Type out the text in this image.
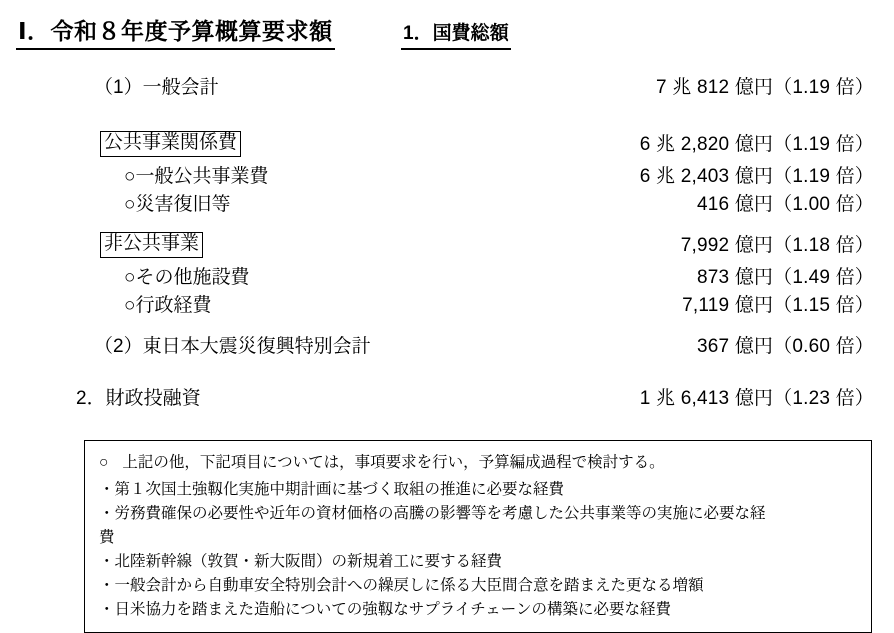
Ⅰ．令和８年度予算概算要求額	1．国費総額
（1）一般会計	7 兆 812 億円（1.19 倍）
公共事業関係費	6 兆 2,820 億円（1.19 倍）
○一般公共事業費	6 兆 2,403 億円（1.19 倍）
○災害復旧等	416 億円（1.00 倍）
非公共事業	7,992 億円（1.18 倍）
○その他施設費	873 億円（1.49 倍）
○行政経費	7,119 億円（1.15 倍）
（2）東日本大震災復興特別会計	367 億円（0.60 倍）
2．財政投融資	1 兆 6,413 億円（1.23 倍）
○ 上記の他，下記項目については，事項要求を行い，予算編成過程で検討する。
・第１次国土強靱化実施中期計画に基づく取組の推進に必要な経費
・労務費確保の必要性や近年の資材価格の高騰の影響等を考慮した公共事業等の実施に必要な経
費
・北陸新幹線（敦賀・新大阪間）の新規着工に要する経費
・一般会計から自動車安全特別会計への繰戻しに係る大臣間合意を踏まえた更なる増額
・日米協力を踏まえた造船についての強靱なサプライチェーンの構築に必要な経費
